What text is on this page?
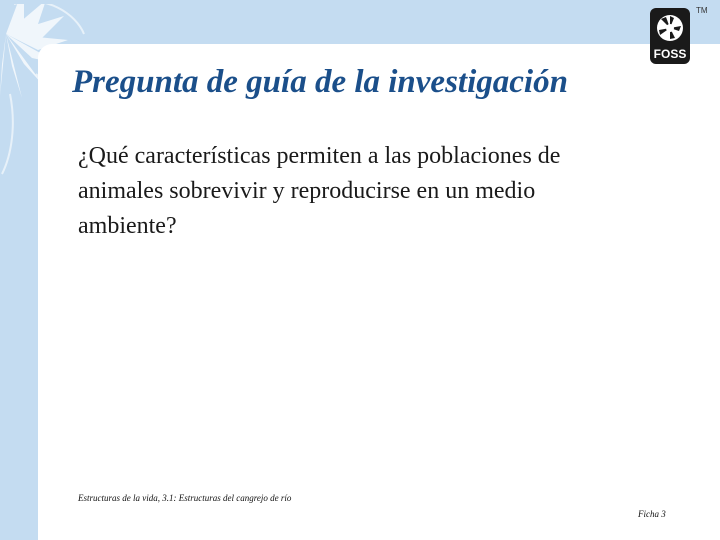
FOSS
TM
Pregunta de guía de la investigación

¿Qué características permiten a las poblaciones de animales sobrevivir y reproducirse en un medio ambiente?

Estructuras de la vida, 3.1: Estructuras del cangrejo de río
Ficha 3
